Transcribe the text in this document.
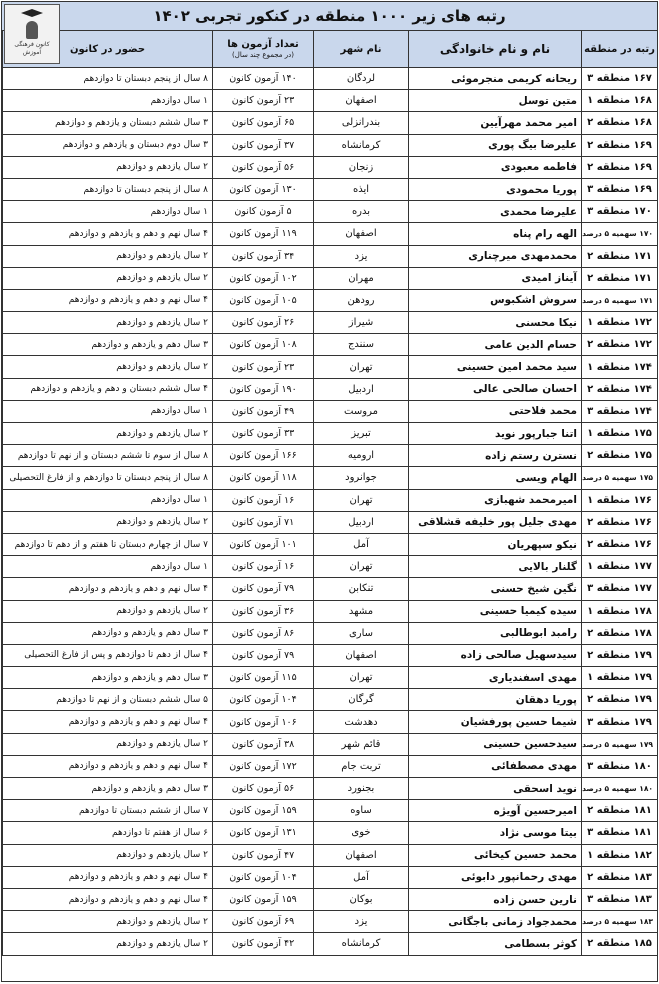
رتبه های زیر ۱۰۰۰ منطقه در کنکور تجربی ۱۴۰۲
رتبه در منطقه	نام و نام خانوادگی	نام شهر	تعداد آزمون ها
(در مجموع چند سال)	حضور در کانون
۱۶۷ منطقه ۳	ریحانه کریمی منجرموئی	لردگان	۱۴۰ آزمون کانون	۸ سال از پنجم دبستان تا دوازدهم
۱۶۸ منطقه ۱	متین توسل	اصفهان	۲۳ آزمون کانون	۱ سال دوازدهم
۱۶۸ منطقه ۲	امیر محمد مهرآیین	بندرانزلی	۶۵ آزمون کانون	۳ سال ششم دبستان و یازدهم و دوازدهم
۱۶۹ منطقه ۲	علیرضا بیگ پوری	کرمانشاه	۳۷ آزمون کانون	۳ سال دوم دبستان و یازدهم و دوازدهم
۱۶۹ منطقه ۲	فاطمه معبودی	زنجان	۵۶ آزمون کانون	۲ سال یازدهم و دوازدهم
۱۶۹ منطقه ۳	پوریا محمودی	ایذه	۱۳۰ آزمون کانون	۸ سال از پنجم دبستان تا دوازدهم
۱۷۰ منطقه ۳	علیرضا محمدی	بدره	۵ آزمون کانون	۱ سال دوازدهم
۱۷۰ سهمیه ۵ درصد	الهه رام پناه	اصفهان	۱۱۹ آزمون کانون	۴ سال نهم و دهم و یازدهم و دوازدهم
۱۷۱ منطقه ۲	محمدمهدی میرچناری	یزد	۳۴ آزمون کانون	۲ سال یازدهم و دوازدهم
۱۷۱ منطقه ۲	آیناز امیدی	مهران	۱۰۲ آزمون کانون	۲ سال یازدهم و دوازدهم
۱۷۱ سهمیه ۵ درصد	سروش اشکبوس	رودهن	۱۰۵ آزمون کانون	۴ سال نهم و دهم و یازدهم و دوازدهم
۱۷۲ منطقه ۱	نیکا محسنی	شیراز	۲۶ آزمون کانون	۲ سال یازدهم و دوازدهم
۱۷۲ منطقه ۲	حسام الدین عامی	سنندج	۱۰۸ آزمون کانون	۳ سال دهم و یازدهم و دوازدهم
۱۷۴ منطقه ۱	سید محمد امین حسینی	تهران	۲۳ آزمون کانون	۲ سال یازدهم و دوازدهم
۱۷۴ منطقه ۲	احسان صالحی عالی	اردبیل	۱۹۰ آزمون کانون	۴ سال ششم دبستان و دهم و یازدهم و دوازدهم
۱۷۴ منطقه ۳	محمد فلاحتی	مروست	۴۹ آزمون کانون	۱ سال دوازدهم
۱۷۵ منطقه ۱	اتنا جبارپور نوید	تبریز	۳۳ آزمون کانون	۲ سال یازدهم و دوازدهم
۱۷۵ منطقه ۲	نسترن رستم زاده	ارومیه	۱۶۶ آزمون کانون	۸ سال از سوم تا ششم دبستان و از نهم تا دوازدهم
۱۷۵ سهمیه ۵ درصد	الهام ویسی	جوانرود	۱۱۸ آزمون کانون	۸ سال از پنجم دبستان تا دوازدهم و از فارغ التحصیلی
۱۷۶ منطقه ۱	امیرمحمد شهبازی	تهران	۱۶ آزمون کانون	۱ سال دوازدهم
۱۷۶ منطقه ۲	مهدی جلیل پور خلیفه قشلاقی	اردبیل	۷۱ آزمون کانون	۲ سال یازدهم و دوازدهم
۱۷۶ منطقه ۲	نیکو سپهریان	آمل	۱۰۱ آزمون کانون	۷ سال از چهارم دبستان تا هفتم و از دهم تا دوازدهم
۱۷۷ منطقه ۱	گلنار بالایی	تهران	۱۶ آزمون کانون	۱ سال دوازدهم
۱۷۷ منطقه ۳	نگین شیخ حسنی	تنکابن	۷۹ آزمون کانون	۴ سال نهم و دهم و یازدهم و دوازدهم
۱۷۸ منطقه ۱	سیده کیمیا حسینی	مشهد	۳۶ آزمون کانون	۲ سال یازدهم و دوازدهم
۱۷۸ منطقه ۲	رامبد ابوطالبی	ساری	۸۶ آزمون کانون	۳ سال دهم و یازدهم و دوازدهم
۱۷۹ منطقه ۲	سیدسهیل صالحی زاده	اصفهان	۷۹ آزمون کانون	۴ سال از دهم تا دوازدهم و پس از فارغ التحصیلی
۱۷۹ منطقه ۱	مهدی اسفندیاری	تهران	۱۱۵ آزمون کانون	۳ سال دهم و یازدهم و دوازدهم
۱۷۹ منطقه ۲	پوریا دهقان	گرگان	۱۰۴ آزمون کانون	۵ سال ششم دبستان و از نهم تا دوازدهم
۱۷۹ منطقه ۳	شیما حسین پورفشیان	دهدشت	۱۰۶ آزمون کانون	۴ سال نهم و دهم و یازدهم و دوازدهم
۱۷۹ سهمیه ۵ درصد	سیدحسین حسینی	قائم شهر	۳۸ آزمون کانون	۲ سال یازدهم و دوازدهم
۱۸۰ منطقه ۳	مهدی مصطفائی	تربت جام	۱۷۲ آزمون کانون	۴ سال نهم و دهم و یازدهم و دوازدهم
۱۸۰ سهمیه ۵ درصد	نوید اسحقی	بجنورد	۵۶ آزمون کانون	۳ سال دهم و یازدهم و دوازدهم
۱۸۱ منطقه ۲	امیرحسین آویژه	ساوه	۱۵۹ آزمون کانون	۷ سال از ششم دبستان تا دوازدهم
۱۸۱ منطقه ۳	بیتا موسی نژاد	خوی	۱۳۱ آزمون کانون	۶ سال از هفتم تا دوازدهم
۱۸۲ منطقه ۱	محمد حسین کیخائی	اصفهان	۴۷ آزمون کانون	۲ سال یازدهم و دوازدهم
۱۸۳ منطقه ۲	مهدی رحمانپور دابوئی	آمل	۱۰۴ آزمون کانون	۴ سال نهم و دهم و یازدهم و دوازدهم
۱۸۳ منطقه ۳	نارین حسن زاده	بوکان	۱۵۹ آزمون کانون	۴ سال نهم و دهم و یازدهم و دوازدهم
۱۸۳ سهمیه ۵ درصد	محمدجواد زمانی باجگانی	یزد	۶۹ آزمون کانون	۲ سال یازدهم و دوازدهم
۱۸۵ منطقه ۲	کوثر بسطامی	کرمانشاه	۴۲ آزمون کانون	۲ سال یازدهم و دوازدهم
کانون فرهنگی آموزش
